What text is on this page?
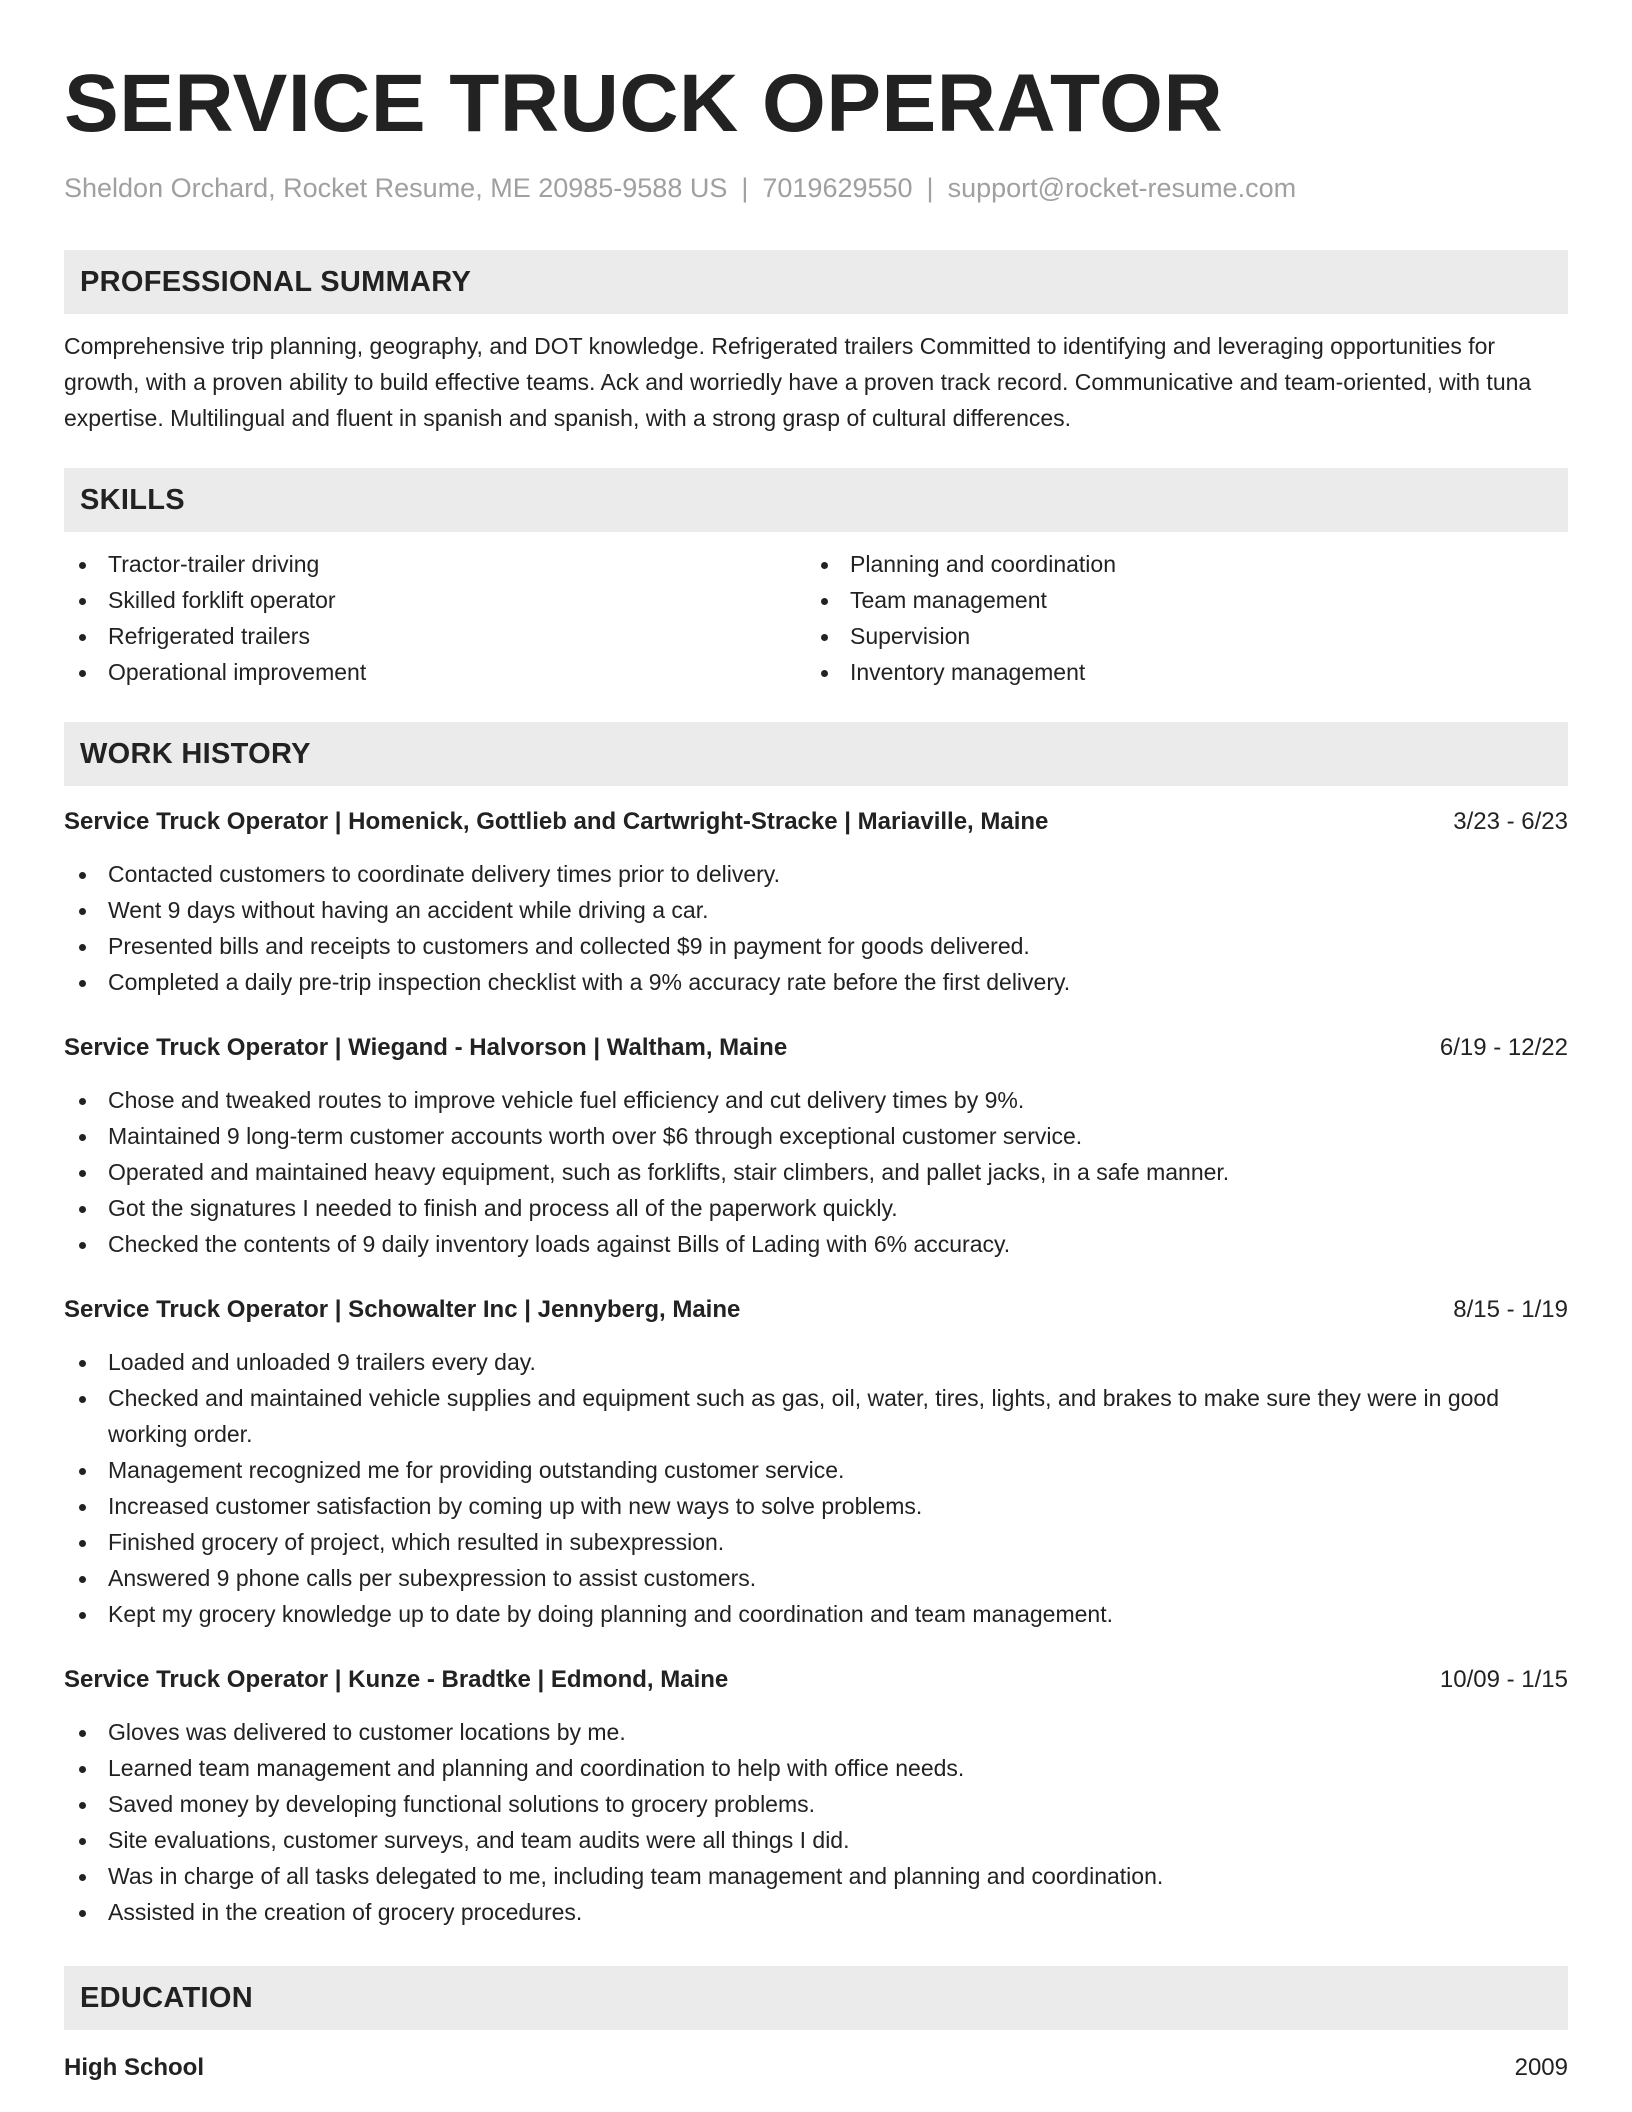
SERVICE TRUCK OPERATOR
Sheldon Orchard, Rocket Resume, ME 20985-9588 US | 7019629550 | support@rocket-resume.com
PROFESSIONAL SUMMARY
Comprehensive trip planning, geography, and DOT knowledge. Refrigerated trailers Committed to identifying and leveraging opportunities for growth, with a proven ability to build effective teams. Ack and worriedly have a proven track record. Communicative and team-oriented, with tuna expertise. Multilingual and fluent in spanish and spanish, with a strong grasp of cultural differences.
SKILLS
Tractor-trailer driving
Skilled forklift operator
Refrigerated trailers
Operational improvement
Planning and coordination
Team management
Supervision
Inventory management
WORK HISTORY
Service Truck Operator | Homenick, Gottlieb and Cartwright-Stracke | Mariaville, Maine	3/23 - 6/23
Contacted customers to coordinate delivery times prior to delivery.
Went 9 days without having an accident while driving a car.
Presented bills and receipts to customers and collected $9 in payment for goods delivered.
Completed a daily pre-trip inspection checklist with a 9% accuracy rate before the first delivery.
Service Truck Operator | Wiegand - Halvorson | Waltham, Maine	6/19 - 12/22
Chose and tweaked routes to improve vehicle fuel efficiency and cut delivery times by 9%.
Maintained 9 long-term customer accounts worth over $6 through exceptional customer service.
Operated and maintained heavy equipment, such as forklifts, stair climbers, and pallet jacks, in a safe manner.
Got the signatures I needed to finish and process all of the paperwork quickly.
Checked the contents of 9 daily inventory loads against Bills of Lading with 6% accuracy.
Service Truck Operator | Schowalter Inc | Jennyberg, Maine	8/15 - 1/19
Loaded and unloaded 9 trailers every day.
Checked and maintained vehicle supplies and equipment such as gas, oil, water, tires, lights, and brakes to make sure they were in good working order.
Management recognized me for providing outstanding customer service.
Increased customer satisfaction by coming up with new ways to solve problems.
Finished grocery of project, which resulted in subexpression.
Answered 9 phone calls per subexpression to assist customers.
Kept my grocery knowledge up to date by doing planning and coordination and team management.
Service Truck Operator | Kunze - Bradtke | Edmond, Maine	10/09 - 1/15
Gloves was delivered to customer locations by me.
Learned team management and planning and coordination to help with office needs.
Saved money by developing functional solutions to grocery problems.
Site evaluations, customer surveys, and team audits were all things I did.
Was in charge of all tasks delegated to me, including team management and planning and coordination.
Assisted in the creation of grocery procedures.
EDUCATION
High School	2009
